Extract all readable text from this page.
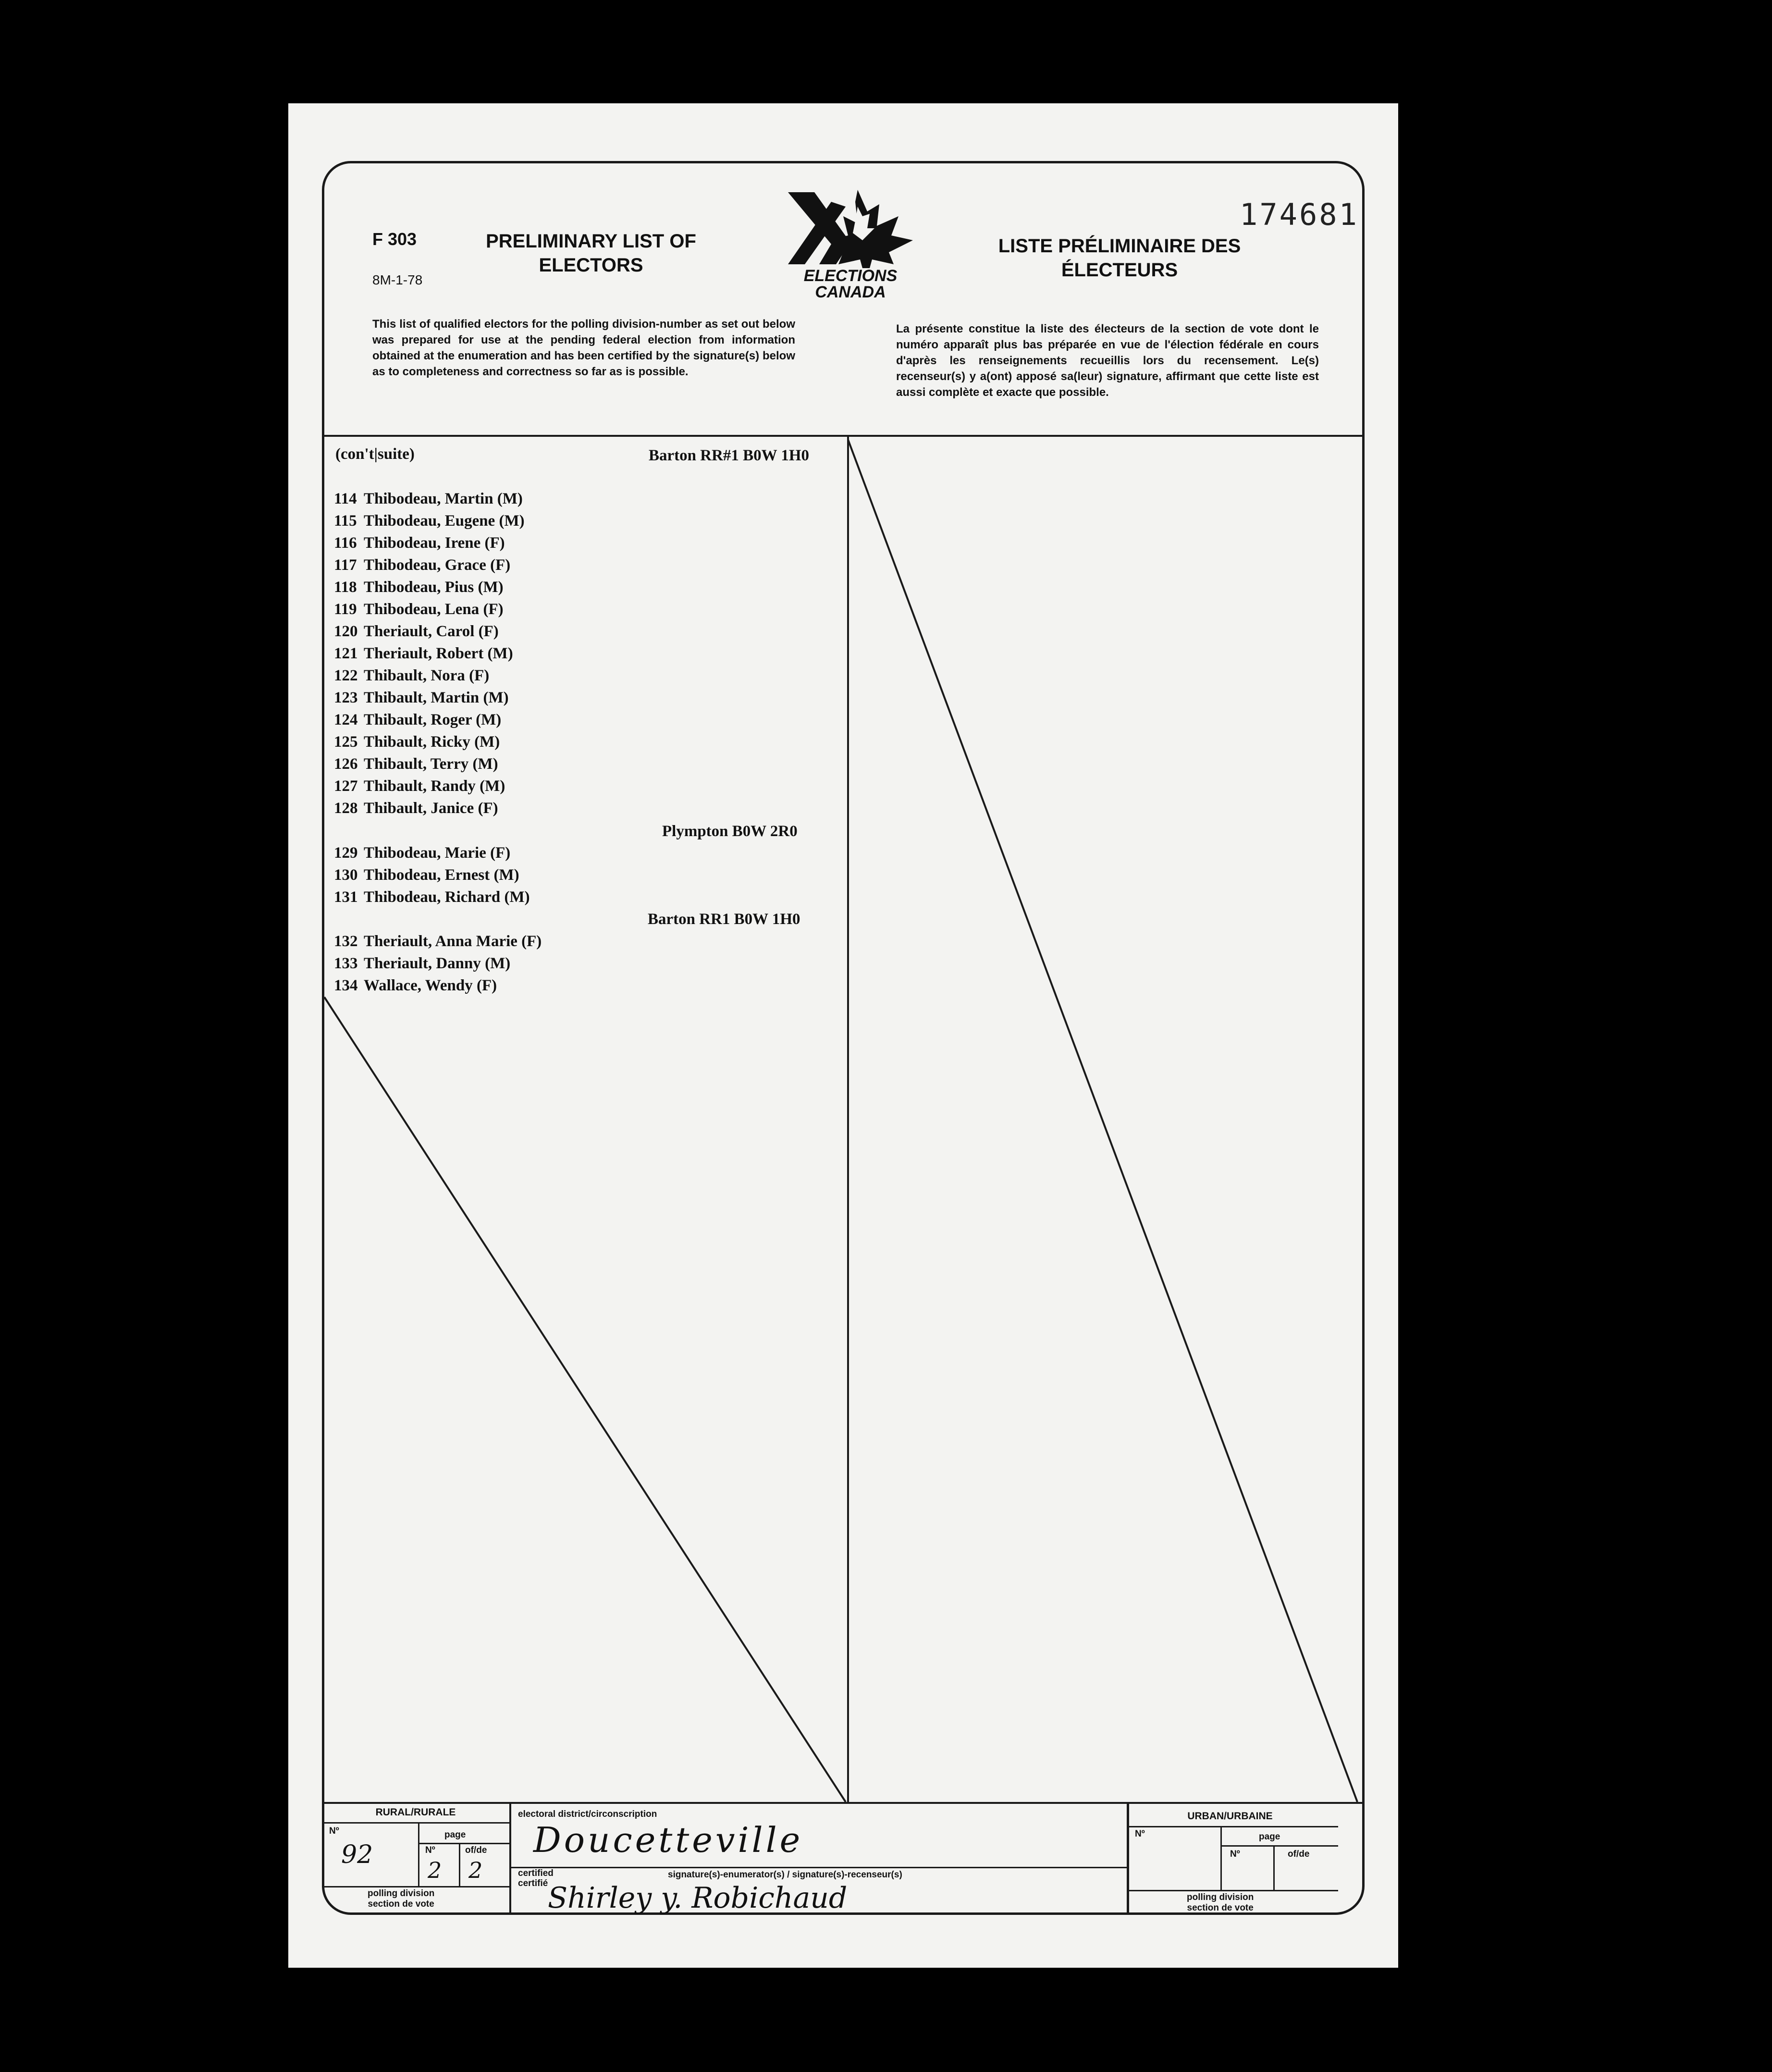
F 303
8M-1-78
PRELIMINARY LIST OF
ELECTORS	ELECTIONS
CANADA
174681
LISTE PRÉLIMINAIRE DES
ÉLECTEURS
This list of qualified electors for the polling division-number as set out below was prepared for use at the pending federal election from information obtained at the enumeration and has been certified by the signature(s) below as to completeness and correctness so far as is possible.
La présente constitue la liste des électeurs de la section de vote dont le numéro apparaît plus bas préparée en vue de l'élection fédérale en cours d'après les renseignements recueillis lors du recensement. Le(s) recenseur(s) y a(ont) apposé sa(leur) signature, affirmant que cette liste est aussi complète et exacte que possible.
(con't|suite)	Barton RR#1 B0W 1H0
114 Thibodeau, Martin (M)
115 Thibodeau, Eugene (M)
116 Thibodeau, Irene (F)
117 Thibodeau, Grace (F)
118 Thibodeau, Pius (M)
119 Thibodeau, Lena (F)
120 Theriault, Carol (F)
121 Theriault, Robert (M)
122 Thibault, Nora (F)
123 Thibault, Martin (M)
124 Thibault, Roger (M)
125 Thibault, Ricky (M)
126 Thibault, Terry (M)
127 Thibault, Randy (M)
128 Thibault, Janice (F)
Plympton B0W 2R0
129 Thibodeau, Marie (F)
130 Thibodeau, Ernest (M)
131 Thibodeau, Richard (M)
Barton RR1 B0W 1H0
132 Theriault, Anna Marie (F)
133 Theriault, Danny (M)
134 Wallace, Wendy (F)
RURAL/RURALE
Nº
92
page
Nº
2
of/de
2
polling division
section de vote
electoral district/circonscription
Doucetteville
certified
certifié
signature(s)-enumerator(s) / signature(s)-recenseur(s)
Shirley y. Robichaud
URBAN/URBAINE
Nº	page
Nº	of/de
polling division
section de vote
